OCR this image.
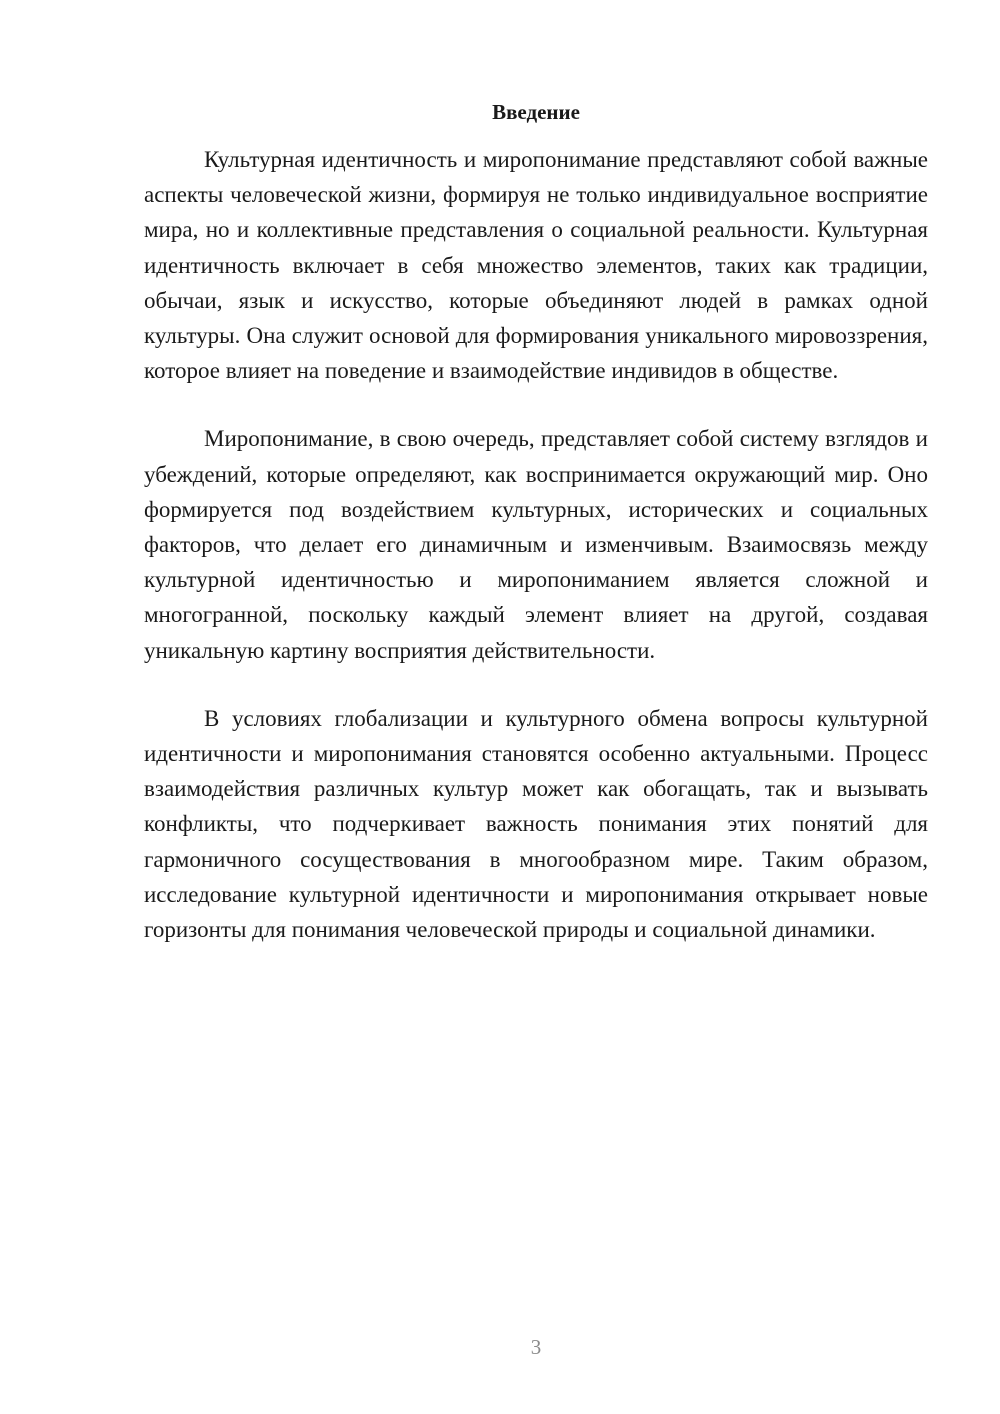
Введение

Культурная идентичность и миропонимание представляют собой важные аспекты человеческой жизни, формируя не только индивидуальное восприятие мира, но и коллективные представления о социальной реальности. Культурная идентичность включает в себя множество элементов, таких как традиции, обычаи, язык и искусство, которые объединяют людей в рамках одной культуры. Она служит основой для формирования уникального мировоззрения, которое влияет на поведение и взаимодействие индивидов в обществе.

Миропонимание, в свою очередь, представляет собой систему взглядов и убеждений, которые определяют, как воспринимается окружающий мир. Оно формируется под воздействием культурных, исторических и социальных факторов, что делает его динамичным и изменчивым. Взаимосвязь между культурной идентичностью и миропониманием является сложной и многогранной, поскольку каждый элемент влияет на другой, создавая уникальную картину восприятия действительности.

В условиях глобализации и культурного обмена вопросы культурной идентичности и миропонимания становятся особенно актуальными. Процесс взаимодействия различных культур может как обогащать, так и вызывать конфликты, что подчеркивает важность понимания этих понятий для гармоничного сосуществования в многообразном мире. Таким образом, исследование культурной идентичности и миропонимания открывает новые горизонты для понимания человеческой природы и социальной динамики.

3
